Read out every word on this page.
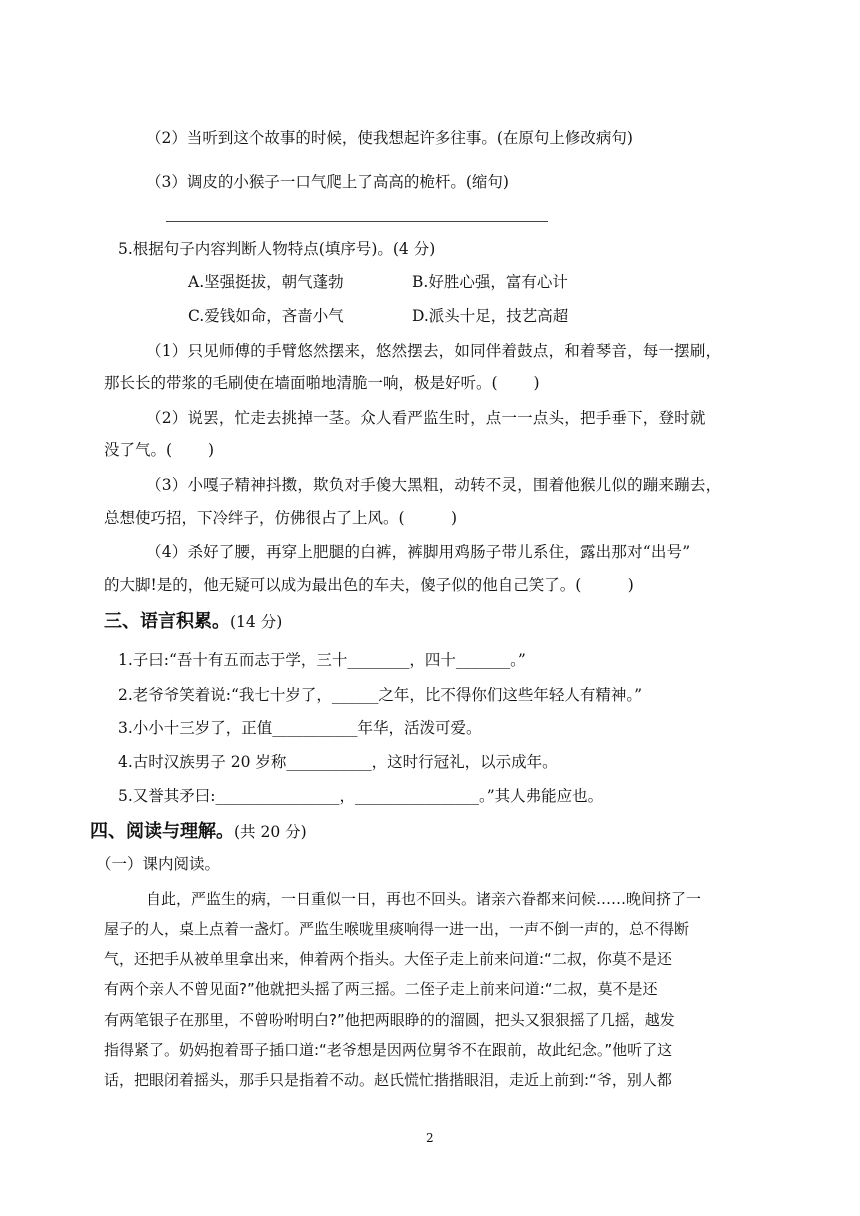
（2）当听到这个故事的时候，使我想起许多往事。(在原句上修改病句)
（3）调皮的小猴子一口气爬上了高高的桅杆。(缩句)
5.根据句子内容判断人物特点(填序号)。(4 分)
A.坚强挺拔，朝气蓬勃	B.好胜心强，富有心计
C.爱钱如命，吝啬小气	D.派头十足，技艺高超
（1）只见师傅的手臂悠然摆来，悠然摆去，如同伴着鼓点，和着琴音，每一摆刷，
那长长的带浆的毛刷使在墙面啪地清脆一响，极是好听。(　　 )
（2）说罢，忙走去挑掉一茎。众人看严监生时，点一一点头，把手垂下，登时就
没了气。(　　 )
（3）小嘎子精神抖擞，欺负对手傻大黑粗，动转不灵，围着他猴儿似的蹦来蹦去，
总想使巧招，下冷绊子，仿佛很占了上风。(　　　)
（4）杀好了腰，再穿上肥腿的白裤，裤脚用鸡肠子带儿系住，露出那对“出号”
的大脚!是的，他无疑可以成为最出色的车夫，傻子似的他自己笑了。(　　　)
三、语言积累。(14 分)
1.子曰:“吾十有五而志于学，三十________，四十_______。”
2.老爷爷笑着说:“我七十岁了，______之年，比不得你们这些年轻人有精神。”
3.小小十三岁了，正值___________年华，活泼可爱。
4.古时汉族男子 20 岁称___________，这时行冠礼，以示成年。
5.又誉其矛曰:________________，________________。”其人弗能应也。
四、阅读与理解。(共 20 分)
（一）课内阅读。
自此，严监生的病，一日重似一日，再也不回头。诸亲六眷都来问候……晚间挤了一
屋子的人，桌上点着一盏灯。严监生喉咙里痰响得一进一出，一声不倒一声的，总不得断
气，还把手从被单里拿出来，伸着两个指头。大侄子走上前来问道:“二叔，你莫不是还
有两个亲人不曾见面?”他就把头摇了两三摇。二侄子走上前来问道:“二叔，莫不是还
有两笔银子在那里，不曾吩咐明白?”他把两眼睁的的溜圆，把头又狠狠摇了几摇，越发
指得紧了。奶妈抱着哥子插口道:“老爷想是因两位舅爷不在跟前，故此纪念。”他听了这
话，把眼闭着摇头，那手只是指着不动。赵氏慌忙揩揩眼泪，走近上前到:“爷，别人都
2
